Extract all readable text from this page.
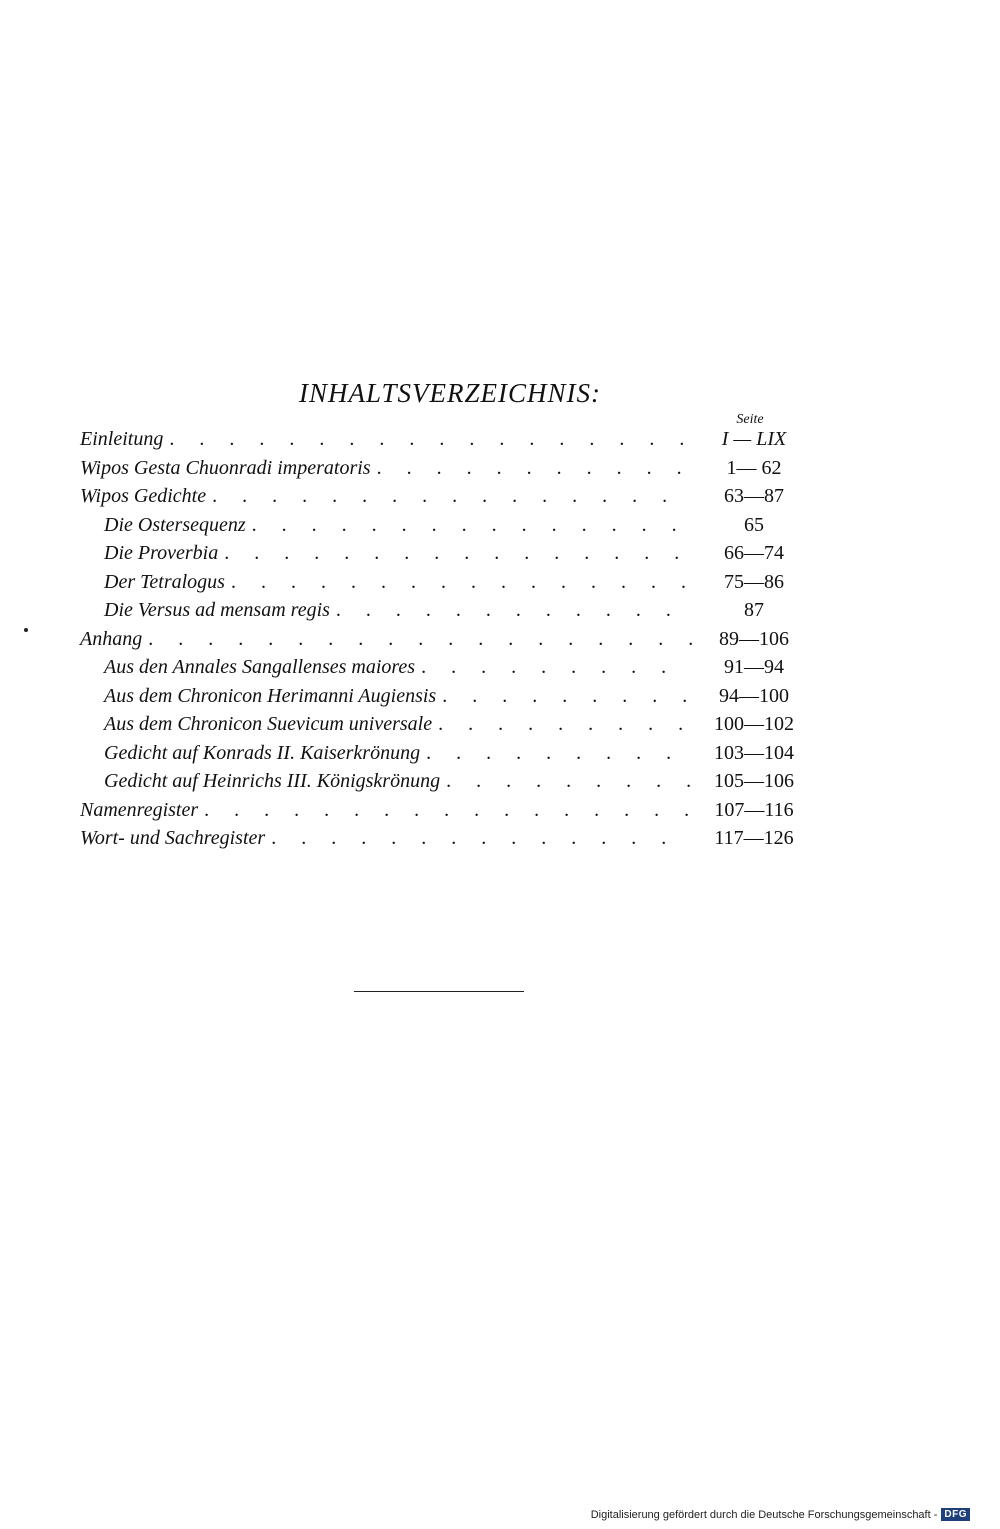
INHALTSVERZEICHNIS:
Seite
Einleitung . . .	I — LIX
Wipos Gesta Chuonradi imperatoris . . .	1— 62
Wipos Gedichte . . .	63—87
Die Ostersequenz . . .	65
Die Proverbia . . .	66—74
Der Tetralogus . . .	75—86
Die Versus ad mensam regis . . .	87
Anhang . . .	89—106
Aus den Annales Sangallenses maiores . . .	91—94
Aus dem Chronicon Herimanni Augiensis . . .	94—100
Aus dem Chronicon Suevicum universale . . .	100—102
Gedicht auf Konrads II. Kaiserkrönung . . .	103—104
Gedicht auf Heinrichs III. Königskrönung . . .	105—106
Namenregister . . .	107—116
Wort- und Sachregister . . .	117—126
Digitalisierung gefördert durch die Deutsche Forschungsgemeinschaft - DFG
